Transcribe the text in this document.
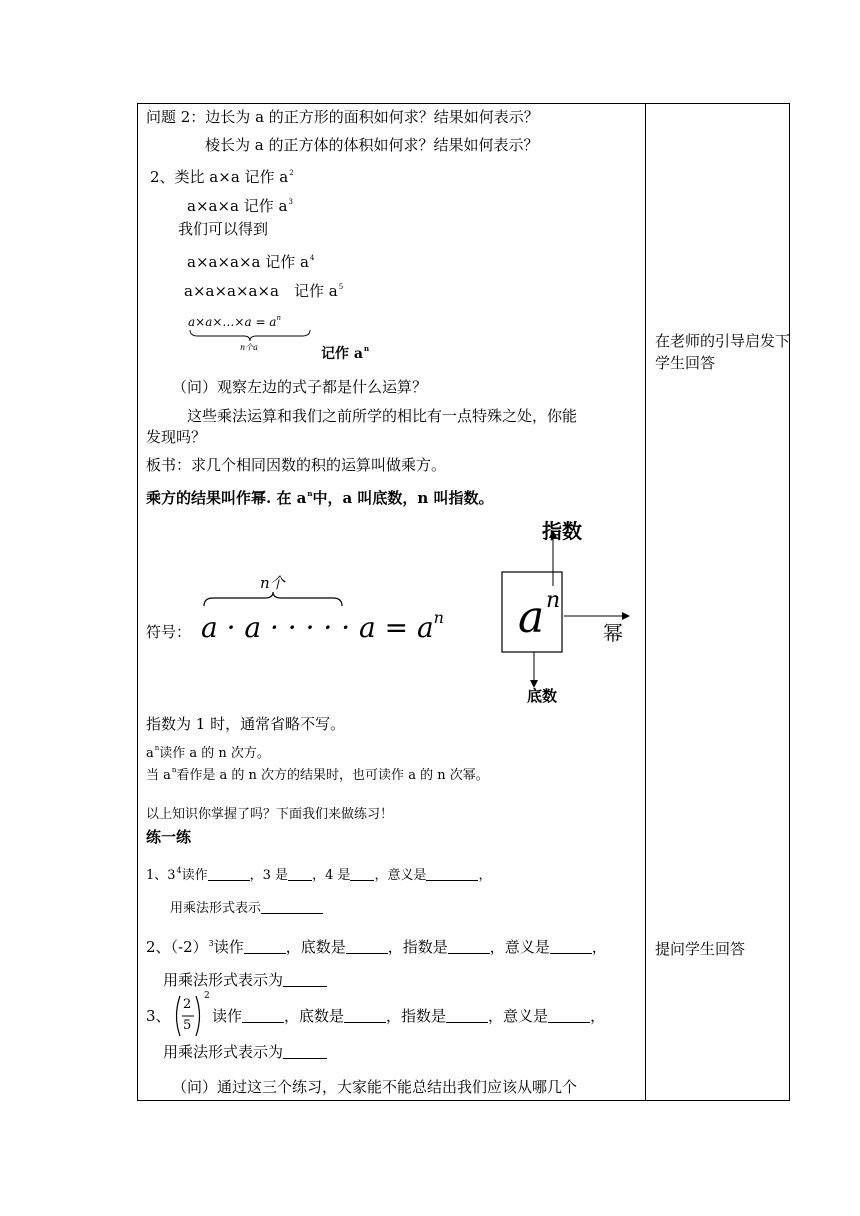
问题 2：边长为 a 的正方形的面积如何求？结果如何表示？
棱长为 a 的正方体的体积如何求？结果如何表示？
2、类比 a×a 记作 $a^2$
a×a×a 记作 $a^3$
我们可以得到
a×a×a×a 记作 $a^4$
a×a×a×a×a　记作 $a^5$
a×a×…×a = $a^n$
n个a	记作 $a^n$
（问）观察左边的式子都是什么运算？
这些乘法运算和我们之前所学的相比有一点特殊之处，你能
发现吗？
板书：求几个相同因数的积的运算叫做乘方。
乘方的结果叫作幂. 在 $a^n$中，a 叫底数，n 叫指数。
符号：
n个
a · a · · · · · $a = a^n$
指数
a n
幂
底数
指数为 1 时，通常省略不写。
$a^n$读作 a 的 n 次方。
当 $a^n$看作是 a 的 n 次方的结果时，也可读作 a 的 n 次幂。
以上知识你掌握了吗？下面我们来做练习！
练一练
1、$3^4$读作	，3 是 ，4 是 ，意义是	，
用乘法形式表示
2、$(-2)^3$读作	，底数是	，指数是	，意义是	，
用乘法形式表示为
3、
2
5
2
读作	，底数是	，指数是	，意义是	，
用乘法形式表示为
（问）通过这三个练习，大家能不能总结出我们应该从哪几个
在老师的引导启发下学生回答
提问学生回答
